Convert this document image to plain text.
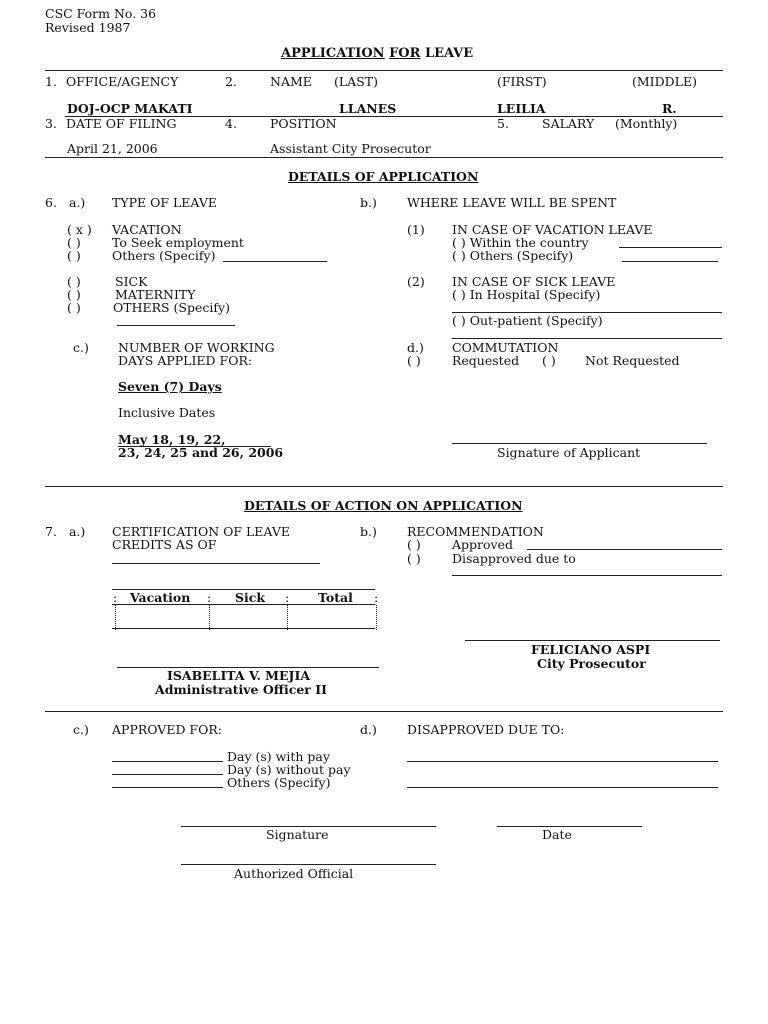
CSC Form No. 36
Revised 1987
APPLICATION FOR LEAVE
1. OFFICE/AGENCY	2.	NAME (LAST)	(FIRST)	(MIDDLE)
DOJ-OCP MAKATI	LLANES	LEILIA	R.
3. DATE OF FILING	4.	POSITION	5.	SALARY (Monthly)
April 21, 2006	Assistant City Prosecutor
DETAILS OF APPLICATION
6. a.) TYPE OF LEAVE	b.) WHERE LEAVE WILL BE SPENT
( x ) VACATION
( )	To Seek employment
( )	Others (Specify)
(1) IN CASE OF VACATION LEAVE
( ) Within the country
( ) Others (Specify)
( )	SICK
( )	MATERNITY
( )	OTHERS (Specify)
(2) IN CASE OF SICK LEAVE
( ) In Hospital (Specify)
( ) Out-patient (Specify)
c.) NUMBER OF WORKING
DAYS APPLIED FOR:
Seven (7) Days
Inclusive Dates
May 18, 19, 22,
23, 24, 25 and 26, 2006
d.) COMMUTATION
( )	Requested ( ) Not Requested
Signature of Applicant
DETAILS OF ACTION ON APPLICATION
7. a.) CERTIFICATION OF LEAVE
CREDITS AS OF
b.) RECOMMENDATION
( )	Approved
( )	Disapproved due to
: Vacation : Sick : Total :
FELICIANO ASPI
City Prosecutor
ISABELITA V. MEJIA
Administrative Officer II
c.) APPROVED FOR:	d.) DISAPPROVED DUE TO:
Day (s) with pay
Day (s) without pay
Others (Specify)
Signature	Date
Authorized Official
